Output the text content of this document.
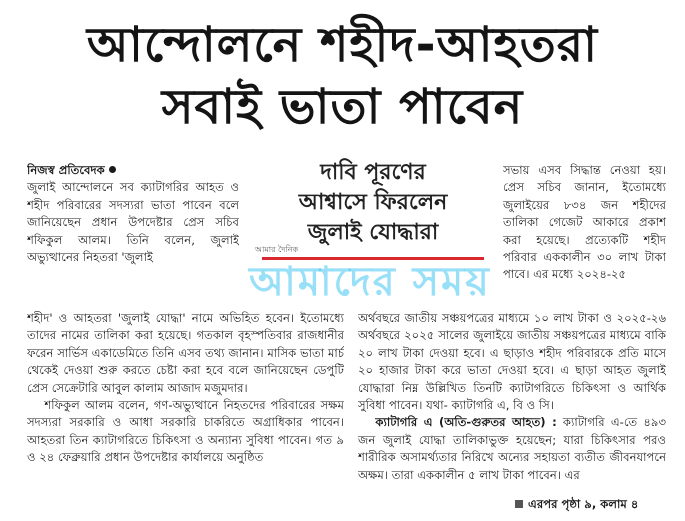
আন্দোলনে শহীদ-আহতরা
সবাই ভাতা পাবেন

নিজস্ব প্রতিবেদক

জুলাই আন্দোলনে সব ক্যাটাগরির আহত ও শহীদ পরিবারের সদস্যরা ভাতা পাবেন বলে জানিয়েছেন প্রধান উপদেষ্টার প্রেস সচিব শফিকুল আলম। তিনি বলেন, জুলাই অভ্যুত্থানের নিহতরা 'জুলাই

দাবি পূরণের
আশ্বাসে ফিরলেন
জুলাই যোদ্ধারা

সভায় এসব সিদ্ধান্ত নেওয়া হয়। প্রেস সচিব জানান, ইতোমধ্যে জুলাইয়ের ৮৩৪ জন শহীদের তালিকা গেজেট আকারে প্রকাশ করা হয়েছে। প্রত্যেকটি শহীদ পরিবার এককালীন ৩০ লাখ টাকা পাবে। এর মধ্যে ২০২৪-২৫

শহীদ' ও আহতরা 'জুলাই যোদ্ধা' নামে অভিহিত হবেন। ইতোমধ্যে তাদের নামের তালিকা করা হয়েছে। গতকাল বৃহস্পতিবার রাজধানীর ফরেন সার্ভিস একাডেমিতে তিনি এসব তথ্য জানান। মাসিক ভাতা মার্চ থেকেই দেওয়া শুরু করতে চেষ্টা করা হবে বলে জানিয়েছেন ডেপুটি প্রেস সেক্রেটারি আবুল কালাম আজাদ মজুমদার।

শফিকুল আলম বলেন, গণ-অভ্যুত্থানে নিহতদের পরিবারের সক্ষম সদস্যরা সরকারি ও আধা সরকারি চাকরিতে অগ্রাধিকার পাবেন। আহতরা তিন ক্যাটাগরিতে চিকিৎসা ও অন্যান্য সুবিধা পাবেন। গত ৯ ও ২৪ ফেব্রুয়ারি প্রধান উপদেষ্টার কার্যালয়ে অনুষ্ঠিত

অর্থবছরে জাতীয় সঞ্চয়পত্রের মাধ্যমে ১০ লাখ টাকা ও ২০২৫-২৬ অর্থবছরে ২০২৫ সালের জুলাইয়ে জাতীয় সঞ্চয়পত্রের মাধ্যমে বাকি ২০ লাখ টাকা দেওয়া হবে। এ ছাড়াও শহীদ পরিবারকে প্রতি মাসে ২০ হাজার টাকা করে ভাতা দেওয়া হবে। এ ছাড়া আহত জুলাই যোদ্ধারা নিম্ন উল্লিখিত তিনটি ক্যাটাগরিতে চিকিৎসা ও আর্থিক সুবিধা পাবেন। যথা- ক্যাটাগরি এ, বি ও সি।

ক্যাটাগরি এ (অতি-গুরুতর আহত) : ক্যাটাগরি এ-তে ৪৯৩ জন জুলাই যোদ্ধা তালিকাভুক্ত হয়েছেন; যারা চিকিৎসার পরও শারীরিক অসামর্থ্যতার নিরিখে অন্যের সহায়তা ব্যতীত জীবনযাপনে অক্ষম। তারা এককালীন ৫ লাখ টাকা পাবেন। এর

এরপর পৃষ্ঠা ৯, কলাম ৪
আমার দৈনিক
আমাদের সময়
